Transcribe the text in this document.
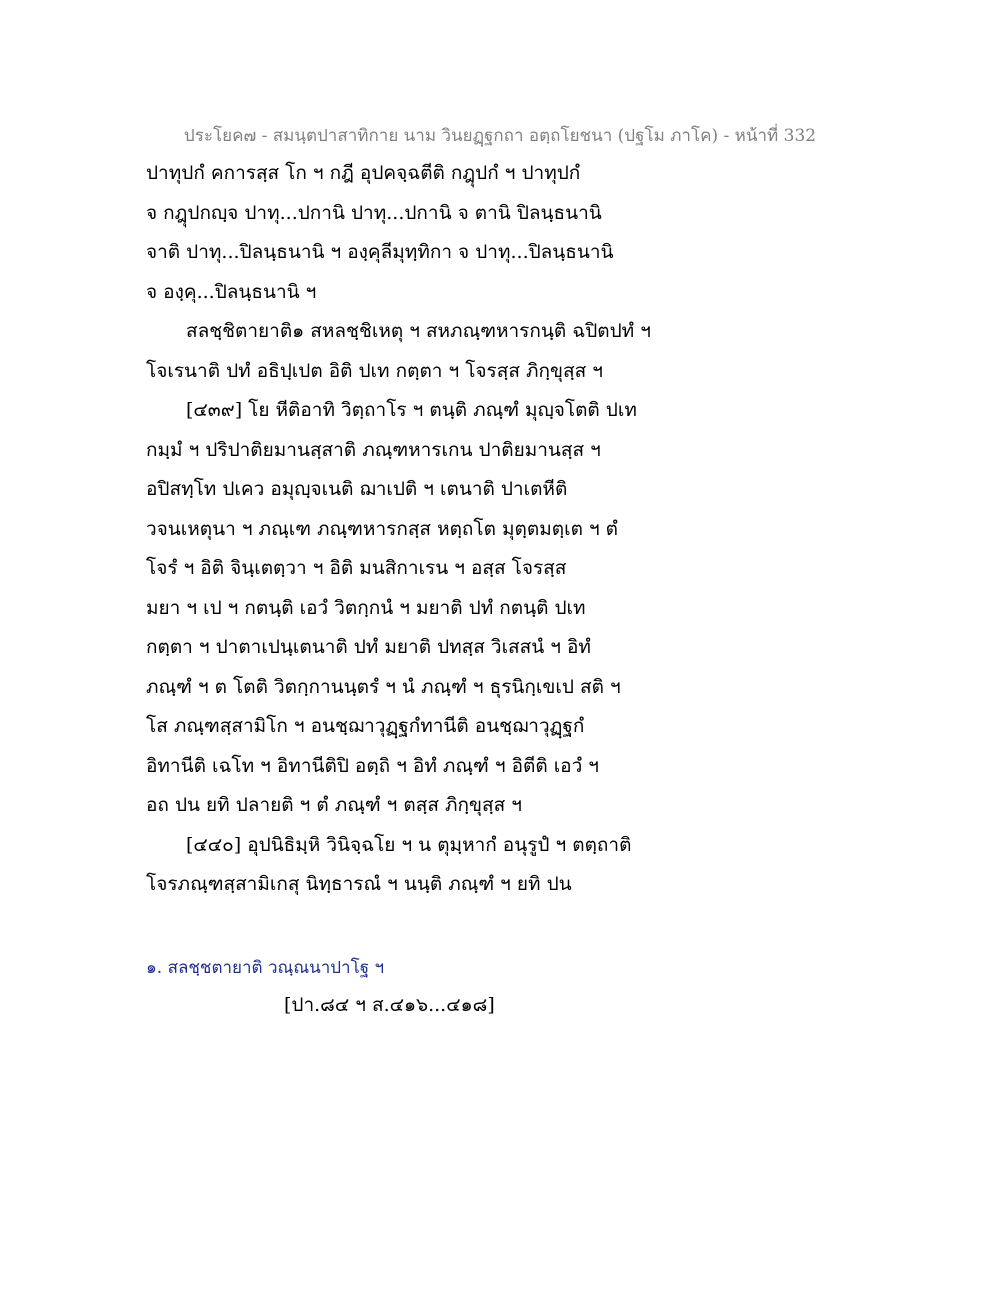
ประโยค๗ - สมนฺตปาสาทิกาย นาม วินยฏฺฐกถา อตฺถโยชนา (ปฐโม ภาโค) - หน้าที่ 332
ปาทุปกํ คการสฺส โก ฯ กฎี อุปคจฺฉตีติ กฎุปกํ ฯ ปาทุปกํ
จ กฎุปกญฺจ ปาทุ...ปกานิ ปาทุ...ปกานิ จ ตานิ ปิลนฺธนานิ
จาติ ปาทุ...ปิลนฺธนานิ ฯ องฺคุลีมุทฺทิกา จ ปาทุ...ปิลนฺธนานิ
จ องฺคุ...ปิลนฺธนานิ ฯ
สลชฺชิตายาติ๑ สหลชฺชิเหตุ ฯ สหภณฺฑหารกนฺติ ฉปิตปทํ ฯ
โจเรนาติ ปทํ อธิปฺเปต อิติ ปเท กตฺตา ฯ โจรสฺส ภิกฺขุสฺส ฯ
[๔๓๙] โย หีติอาทิ วิตฺถาโร ฯ ตนฺติ ภณฺฑํ มุญฺจโตติ ปเท
กมฺมํ ฯ ปริปาติยมานสฺสาติ ภณฺฑหารเกน ปาติยมานสฺส ฯ
อปิสทฺโท ปเคว อมุญฺจเนติ ฌาเปติ ฯ เตนาติ ปาเตหีติ
วจนเหตุนา ฯ ภณฺเฑ ภณฺฑหารกสฺส หตฺถโต มุตฺตมตฺเต ฯ ตํ
โจรํ ฯ อิติ จินฺเตตฺวา ฯ อิติ มนสิกาเรน ฯ อสฺส โจรสฺส
มยา ฯ เป ฯ กตนฺติ เอวํ วิตกฺกนํ ฯ มยาติ ปทํ กตนฺติ ปเท
กตฺตา ฯ ปาตาเปนฺเตนาติ ปทํ มยาติ ปทสฺส วิเสสนํ ฯ อิทํ
ภณฺฑํ ฯ ต โตติ วิตกฺกานนฺตรํ ฯ นํ ภณฺฑํ ฯ ธุรนิกฺเขเป สติ ฯ
โส ภณฺฑสฺสามิโก ฯ อนชฺฌาวุฏฺฐกํทานีติ อนชฺฌาวุฏฺฐกํ
อิทานีติ เฉโท ฯ อิทานีติปิ อตฺถิ ฯ อิทํ ภณฺฑํ ฯ อิตีติ เอวํ ฯ
อถ ปน ยทิ ปลายติ ฯ ตํ ภณฺฑํ ฯ ตสฺส ภิกฺขุสฺส ฯ
[๔๔๐] อุปนิธิมฺหิ วินิจฺฉโย ฯ น ตุมฺหากํ อนุรูปํ ฯ ตตฺถาติ
โจรภณฺฑสฺสามิเกสุ นิทฺธารณํ ฯ นนฺติ ภณฺฑํ ฯ ยทิ ปน
๑. สลชฺชตายาติ วณฺณนาปาโฐ ฯ
[ปา.๘๔ ฯ ส.๔๑๖...๔๑๘]
